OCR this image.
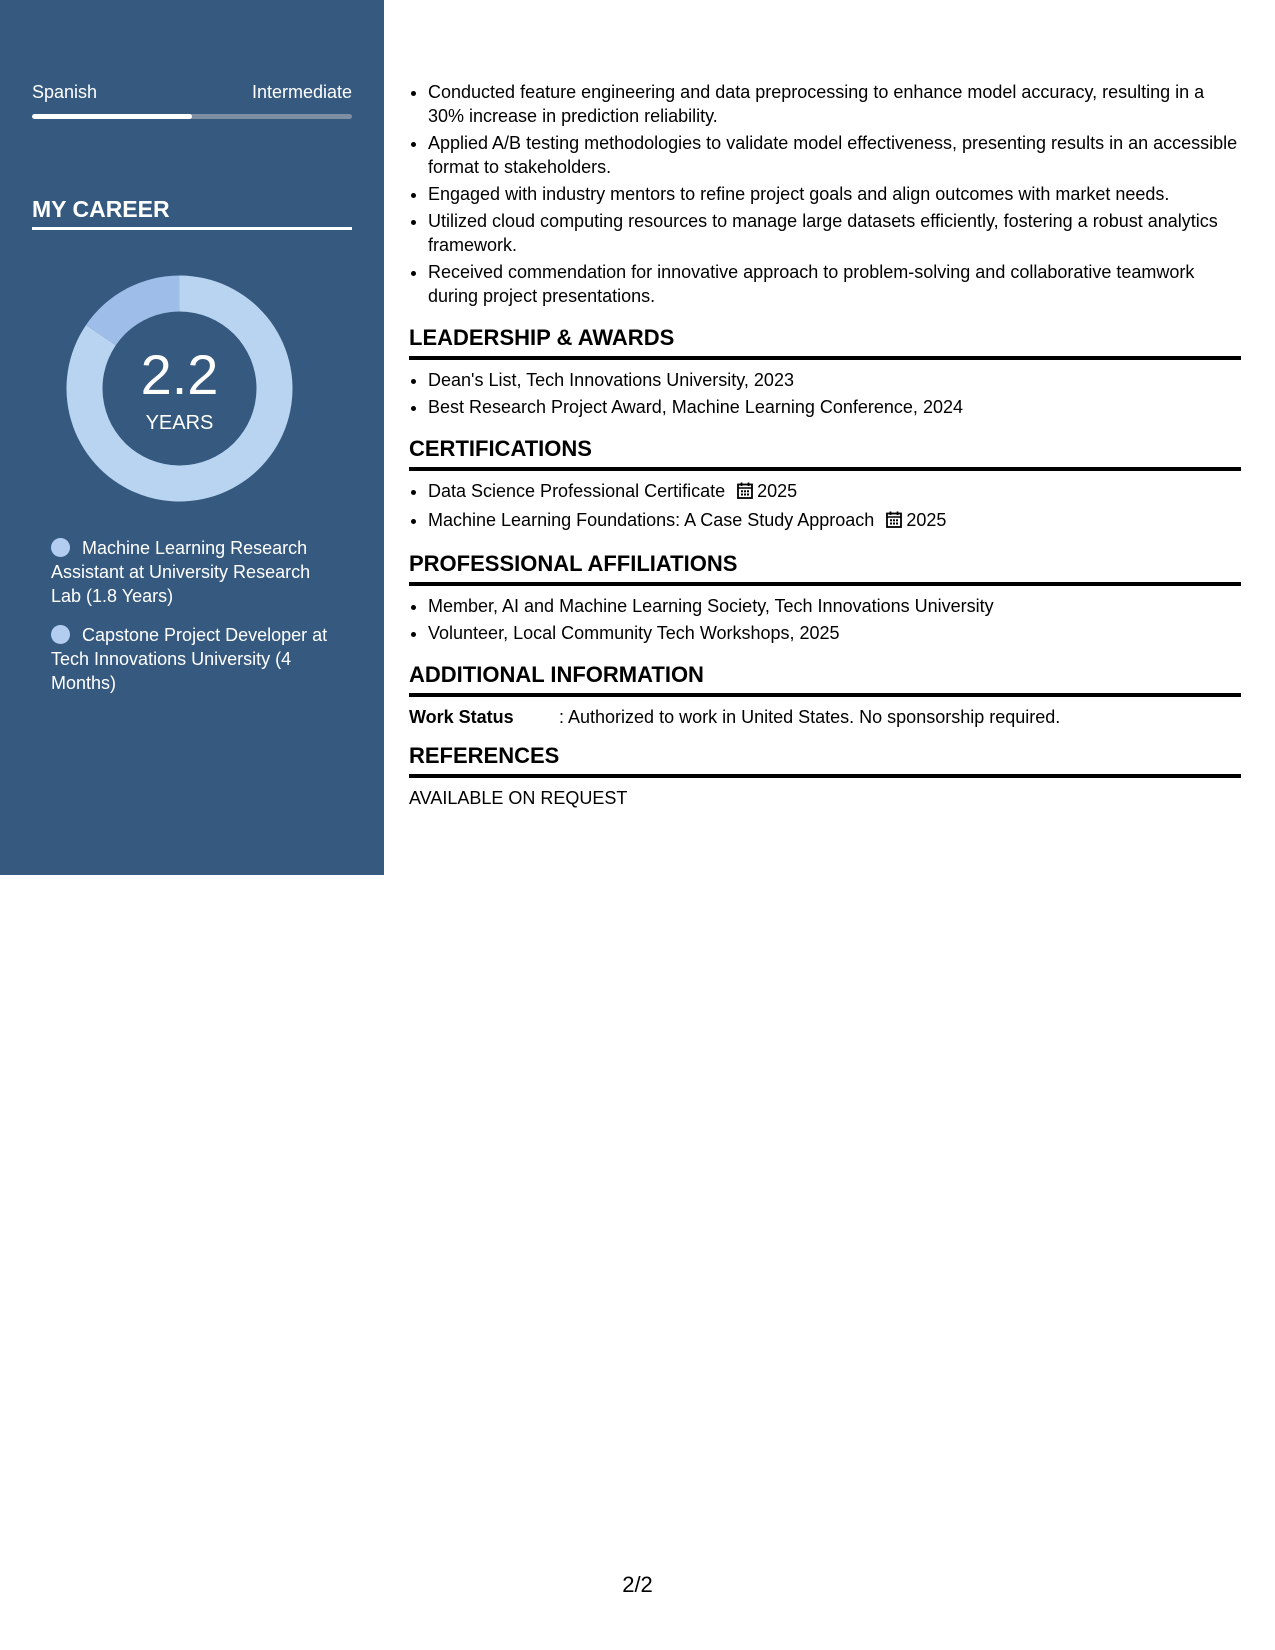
Spanish	Intermediate
MY CAREER
2.2
YEARS
Machine Learning Research Assistant at University Research Lab (1.8 Years)
Capstone Project Developer at Tech Innovations University (4 Months)
• Conducted feature engineering and data preprocessing to enhance model accuracy, resulting in a 30% increase in prediction reliability.
• Applied A/B testing methodologies to validate model effectiveness, presenting results in an accessible format to stakeholders.
• Engaged with industry mentors to refine project goals and align outcomes with market needs.
• Utilized cloud computing resources to manage large datasets efficiently, fostering a robust analytics framework.
• Received commendation for innovative approach to problem-solving and collaborative teamwork during project presentations.
LEADERSHIP & AWARDS
• Dean's List, Tech Innovations University, 2023
• Best Research Project Award, Machine Learning Conference, 2024
CERTIFICATIONS
• Data Science Professional Certificate 2025
• Machine Learning Foundations: A Case Study Approach 2025
PROFESSIONAL AFFILIATIONS
• Member, AI and Machine Learning Society, Tech Innovations University
• Volunteer, Local Community Tech Workshops, 2025
ADDITIONAL INFORMATION
Work Status	: Authorized to work in United States. No sponsorship required.
REFERENCES
AVAILABLE ON REQUEST
2/2
